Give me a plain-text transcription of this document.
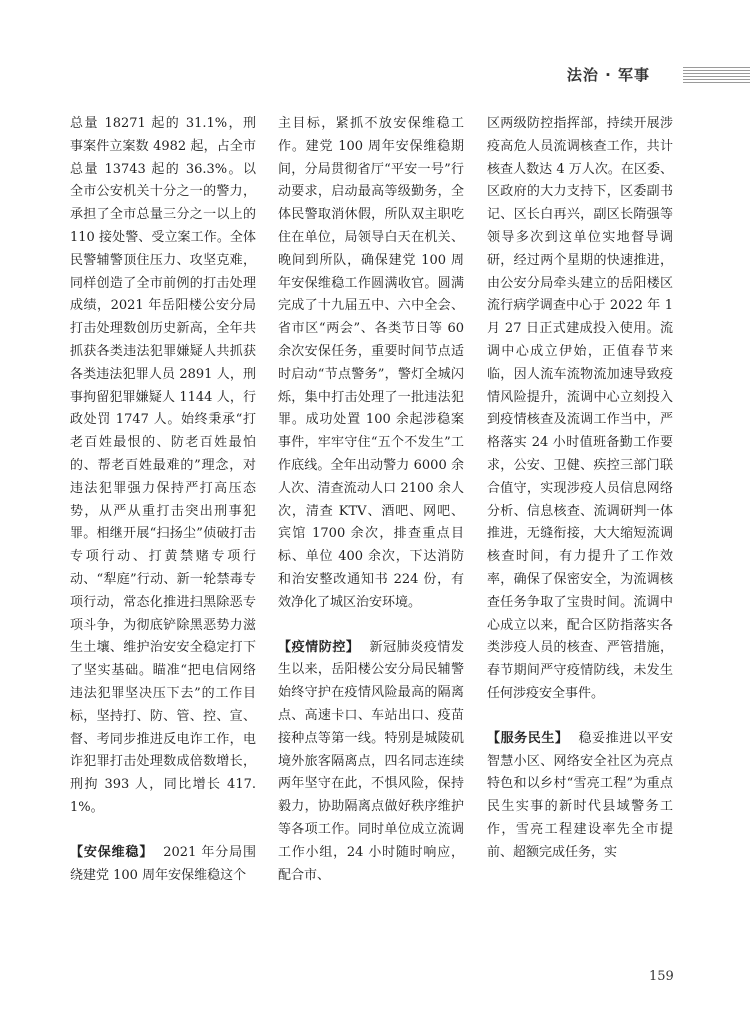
法治 · 军事

总量 18271 起的 31.1%，刑事案件立案数 4982 起，占全市总量 13743 起的 36.3%。以全市公安机关十分之一的警力，承担了全市总量三分之一以上的 110 接处警、受立案工作。全体民警辅警顶住压力、攻坚克难，同样创造了全市前例的打击处理成绩，2021 年岳阳楼公安分局打击处理数创历史新高，全年共抓获各类违法犯罪嫌疑人共抓获各类违法犯罪人员 2891 人，刑事拘留犯罪嫌疑人 1144 人，行政处罚 1747 人。始终秉承“打老百姓最恨的、防老百姓最怕的、帮老百姓最难的”理念，对违法犯罪强力保持严打高压态势，从严从重打击突出刑事犯罪。相继开展“扫扬尘”侦破打击专项行动、打黄禁赌专项行动、“犁庭”行动、新一轮禁毒专项行动，常态化推进扫黑除恶专项斗争，为彻底铲除黑恶势力滋生土壤、维护治安安全稳定打下了坚实基础。瞄准“把电信网络违法犯罪坚决压下去”的工作目标，坚持打、防、管、控、宣、督、考同步推进反电诈工作，电诈犯罪打击处理数成倍数增长，刑拘 393 人，同比增长 417.1%。

【安保维稳】 2021 年分局围绕建党 100 周年安保维稳这个

主目标，紧抓不放安保维稳工作。建党 100 周年安保维稳期间，分局贯彻省厅“平安一号”行动要求，启动最高等级勤务，全体民警取消休假，所队双主职吃住在单位，局领导白天在机关、晚间到所队，确保建党 100 周年安保维稳工作圆满收官。圆满完成了十九届五中、六中全会、省市区“两会”、各类节日等 60 余次安保任务，重要时间节点适时启动“节点警务”，警灯全城闪烁，集中打击处理了一批违法犯罪。成功处置 100 余起涉稳案事件，牢牢守住“五个不发生”工作底线。全年出动警力 6000 余人次、清查流动人口 2100 余人次，清查 KTV、酒吧、网吧、宾馆 1700 余次，排查重点目标、单位 400 余次，下达消防和治安整改通知书 224 份，有效净化了城区治安环境。

【疫情防控】 新冠肺炎疫情发生以来，岳阳楼公安分局民辅警始终守护在疫情风险最高的隔离点、高速卡口、车站出口、疫苗接种点等第一线。特别是城陵矶境外旅客隔离点，四名同志连续两年坚守在此，不惧风险，保持毅力，协助隔离点做好秩序维护等各项工作。同时单位成立流调工作小组，24 小时随时响应，配合市、

区两级防控指挥部，持续开展涉疫高危人员流调核查工作，共计核查人数达 4 万人次。在区委、区政府的大力支持下，区委副书记、区长白再兴，副区长隋强等领导多次到这单位实地督导调研，经过两个星期的快速推进，由公安分局牵头建立的岳阳楼区流行病学调查中心于 2022 年 1 月 27 日正式建成投入使用。流调中心成立伊始，正值春节来临，因人流车流物流加速导致疫情风险提升，流调中心立刻投入到疫情核查及流调工作当中，严格落实 24 小时值班备勤工作要求，公安、卫健、疾控三部门联合值守，实现涉疫人员信息网络分析、信息核查、流调研判一体推进，无缝衔接，大大缩短流调核查时间，有力提升了工作效率，确保了保密安全，为流调核查任务争取了宝贵时间。流调中心成立以来，配合区防指落实各类涉疫人员的核查、严管措施，春节期间严守疫情防线，未发生任何涉疫安全事件。

【服务民生】 稳妥推进以平安智慧小区、网络安全社区为亮点特色和以乡村“雪亮工程”为重点民生实事的新时代县域警务工作，雪亮工程建设率先全市提前、超额完成任务，实

159
